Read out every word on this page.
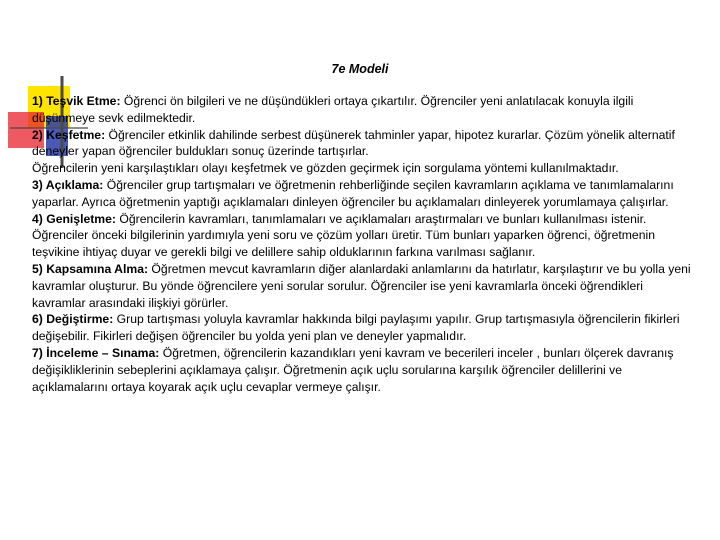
7e Modeli

1) Teşvik Etme: Öğrenci ön bilgileri ve ne düşündükleri ortaya çıkartılır. Öğrenciler yeni anlatılacak konuyla ilgili düşünmeye sevk edilmektedir.

2) Keşfetme: Öğrenciler etkinlik dahilinde serbest düşünerek tahminler yapar, hipotez kurarlar. Çözüm yönelik alternatif deneyler yapan öğrenciler buldukları sonuç üzerinde tartışırlar.

Öğrencilerin yeni karşılaştıkları olayı keşfetmek ve gözden geçirmek için sorgulama yöntemi kullanılmaktadır.

3) Açıklama: Öğrenciler grup tartışmaları ve öğretmenin rehberliğinde seçilen kavramların açıklama ve tanımlamalarını yaparlar. Ayrıca öğretmenin yaptığı açıklamaları dinleyen öğrenciler bu açıklamaları dinleyerek yorumlamaya çalışırlar.

4) Genişletme: Öğrencilerin kavramları, tanımlamaları ve açıklamaları araştırmaları ve bunları kullanılması istenir. Öğrenciler önceki bilgilerinin yardımıyla yeni soru ve çözüm yolları üretir. Tüm bunları yaparken öğrenci, öğretmenin teşvikine ihtiyaç duyar ve gerekli bilgi ve delillere sahip olduklarının farkına varılması sağlanır.

5) Kapsamına Alma: Öğretmen mevcut kavramların diğer alanlardaki anlamlarını da hatırlatır, karşılaştırır ve bu yolla yeni kavramlar oluşturur. Bu yönde öğrencilere yeni sorular sorulur. Öğrenciler ise yeni kavramlarla önceki öğrendikleri kavramlar arasındaki ilişkiyi görürler.

6) Değiştirme: Grup tartışması yoluyla kavramlar hakkında bilgi paylaşımı yapılır. Grup tartışmasıyla öğrencilerin fikirleri değişebilir. Fikirleri değişen öğrenciler bu yolda yeni plan ve deneyler yapmalıdır.

7) İnceleme – Sınama: Öğretmen, öğrencilerin kazandıkları yeni kavram ve becerileri inceler , bunları ölçerek davranış değişikliklerinin sebeplerini açıklamaya çalışır. Öğretmenin açık uçlu sorularına karşılık öğrenciler delillerini ve açıklamalarını ortaya koyarak açık uçlu cevaplar vermeye çalışır.
